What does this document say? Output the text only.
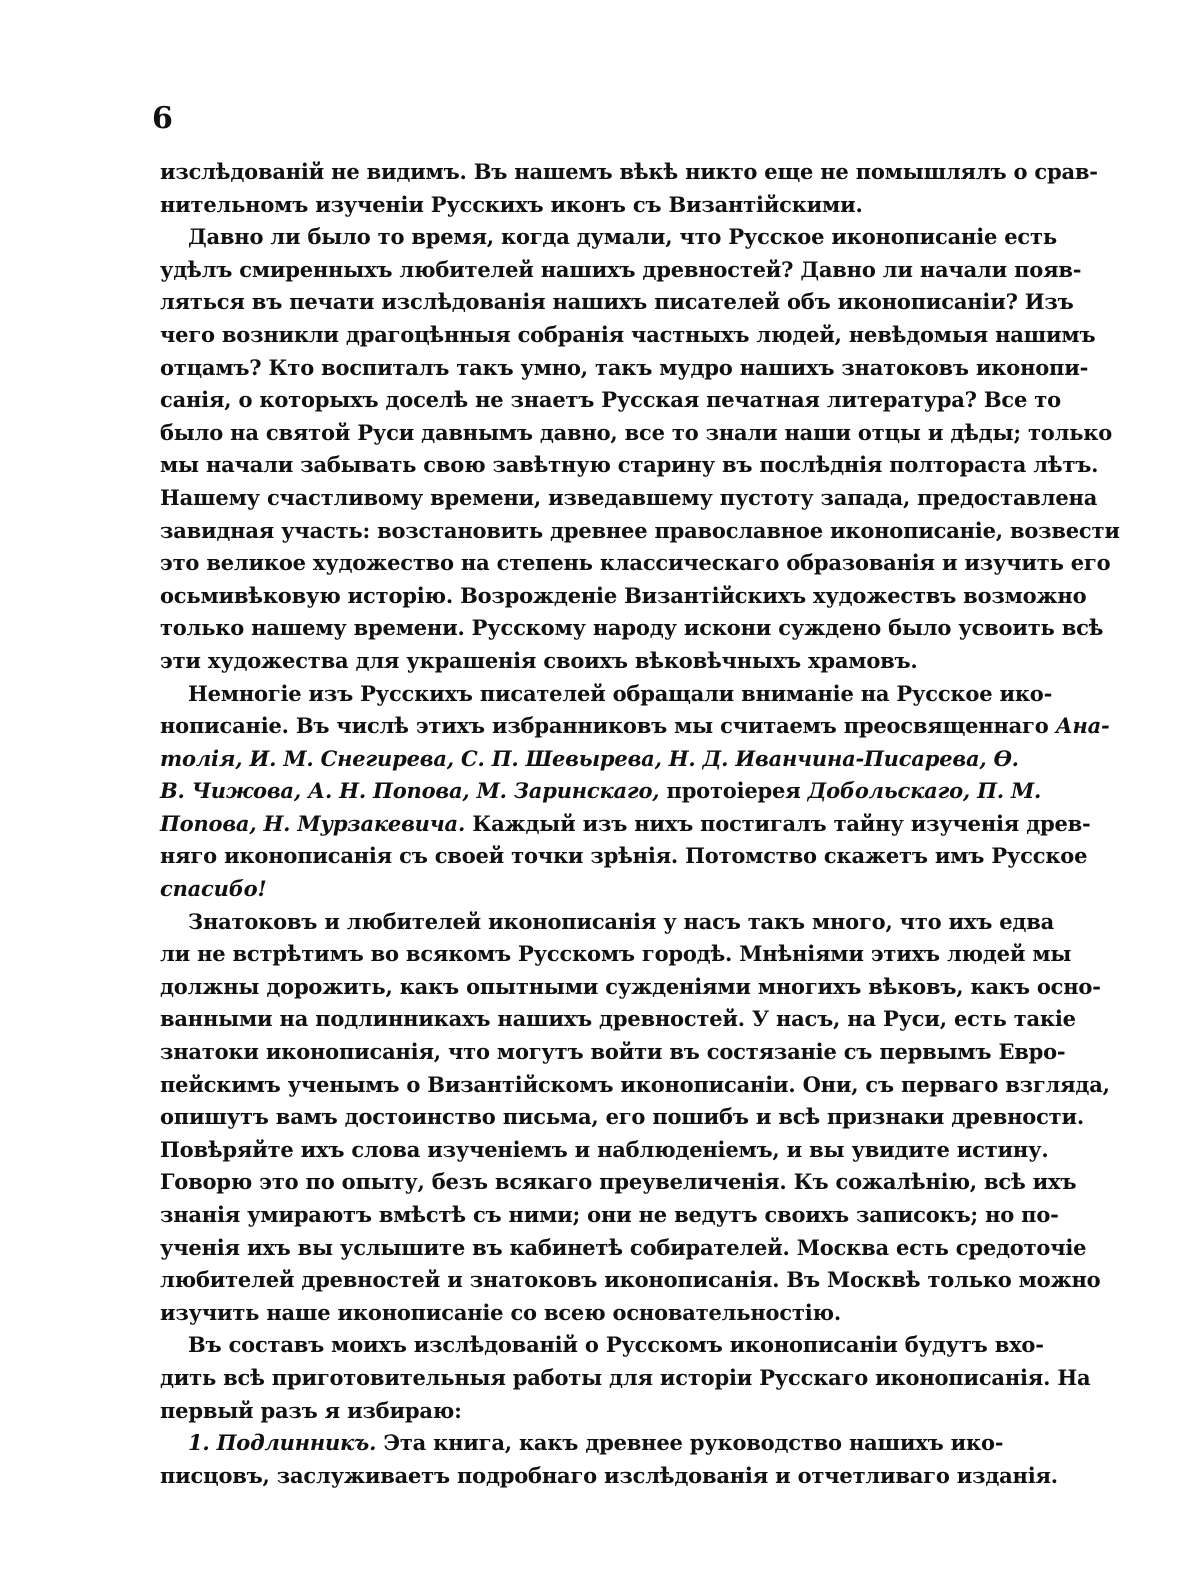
6
изслѣдованій не видимъ. Въ нашемъ вѣкѣ никто еще не помышлялъ о срав-
нительномъ изученіи Русскихъ иконъ съ Византійскими.
Давно ли было то время, когда думали, что Русское иконописаніе есть
удѣлъ смиренныхъ любителей нашихъ древностей? Давно ли начали появ-
ляться въ печати изслѣдованія нашихъ писателей объ иконописаніи? Изъ
чего возникли драгоцѣнныя собранія частныхъ людей, невѣдомыя нашимъ
отцамъ? Кто воспиталъ такъ умно, такъ мудро нашихъ знатоковъ иконопи-
санія, о которыхъ доселѣ не знаетъ Русская печатная литература? Все то
было на святой Руси давнымъ давно, все то знали наши отцы и дѣды; только
мы начали забывать свою завѣтную старину въ послѣднія полтораста лѣтъ.
Нашему счастливому времени, изведавшему пустоту запада, предоставлена
завидная участь: возстановить древнее православное иконописаніе, возвести
это великое художество на степень классическаго образованія и изучить его
осьмивѣковую исторію. Возрожденіе Византійскихъ художествъ возможно
только нашему времени. Русскому народу искони суждено было усвоить всѣ
эти художества для украшенія своихъ вѣковѣчныхъ храмовъ.
Немногіе изъ Русскихъ писателей обращали вниманіе на Русское ико-
нописаніе. Въ числѣ этихъ избранниковъ мы считаемъ преосвященнаго Ана-
толія, И. М. Снегирева, С. П. Шевырева, Н. Д. Иванчина-Писарева, Ѳ.
В. Чижова, А. Н. Попова, М. Заринскаго, протоіерея Добольскаго, П. М.
Попова, Н. Мурзакевича. Каждый изъ нихъ постигалъ тайну изученія древ-
няго иконописанія съ своей точки зрѣнія. Потомство скажетъ имъ Русское
спасибо!
Знатоковъ и любителей иконописанія у насъ такъ много, что ихъ едва
ли не встрѣтимъ во всякомъ Русскомъ городѣ. Мнѣніями этихъ людей мы
должны дорожить, какъ опытными сужденіями многихъ вѣковъ, какъ осно-
ванными на подлинникахъ нашихъ древностей. У насъ, на Руси, есть такіе
знатоки иконописанія, что могутъ войти въ состязаніе съ первымъ Евро-
пейскимъ ученымъ о Византійскомъ иконописаніи. Они, съ перваго взгляда,
опишутъ вамъ достоинство письма, его пошибъ и всѣ признаки древности.
Повѣряйте ихъ слова изученіемъ и наблюденіемъ, и вы увидите истину.
Говорю это по опыту, безъ всякаго преувеличенія. Къ сожалѣнію, всѣ ихъ
знанія умираютъ вмѣстѣ съ ними; они не ведутъ своихъ записокъ; но по-
ученія ихъ вы услышите въ кабинетѣ собирателей. Москва есть средоточіе
любителей древностей и знатоковъ иконописанія. Въ Москвѣ только можно
изучить наше иконописаніе со всею основательностію.
Въ составъ моихъ изслѣдованій о Русскомъ иконописаніи будутъ вхо-
дить всѣ приготовительныя работы для исторіи Русскаго иконописанія. На
первый разъ я избираю:
1. Подлинникъ. Эта книга, какъ древнее руководство нашихъ ико-
писцовъ, заслуживаетъ подробнаго изслѣдованія и отчетливаго изданія.
